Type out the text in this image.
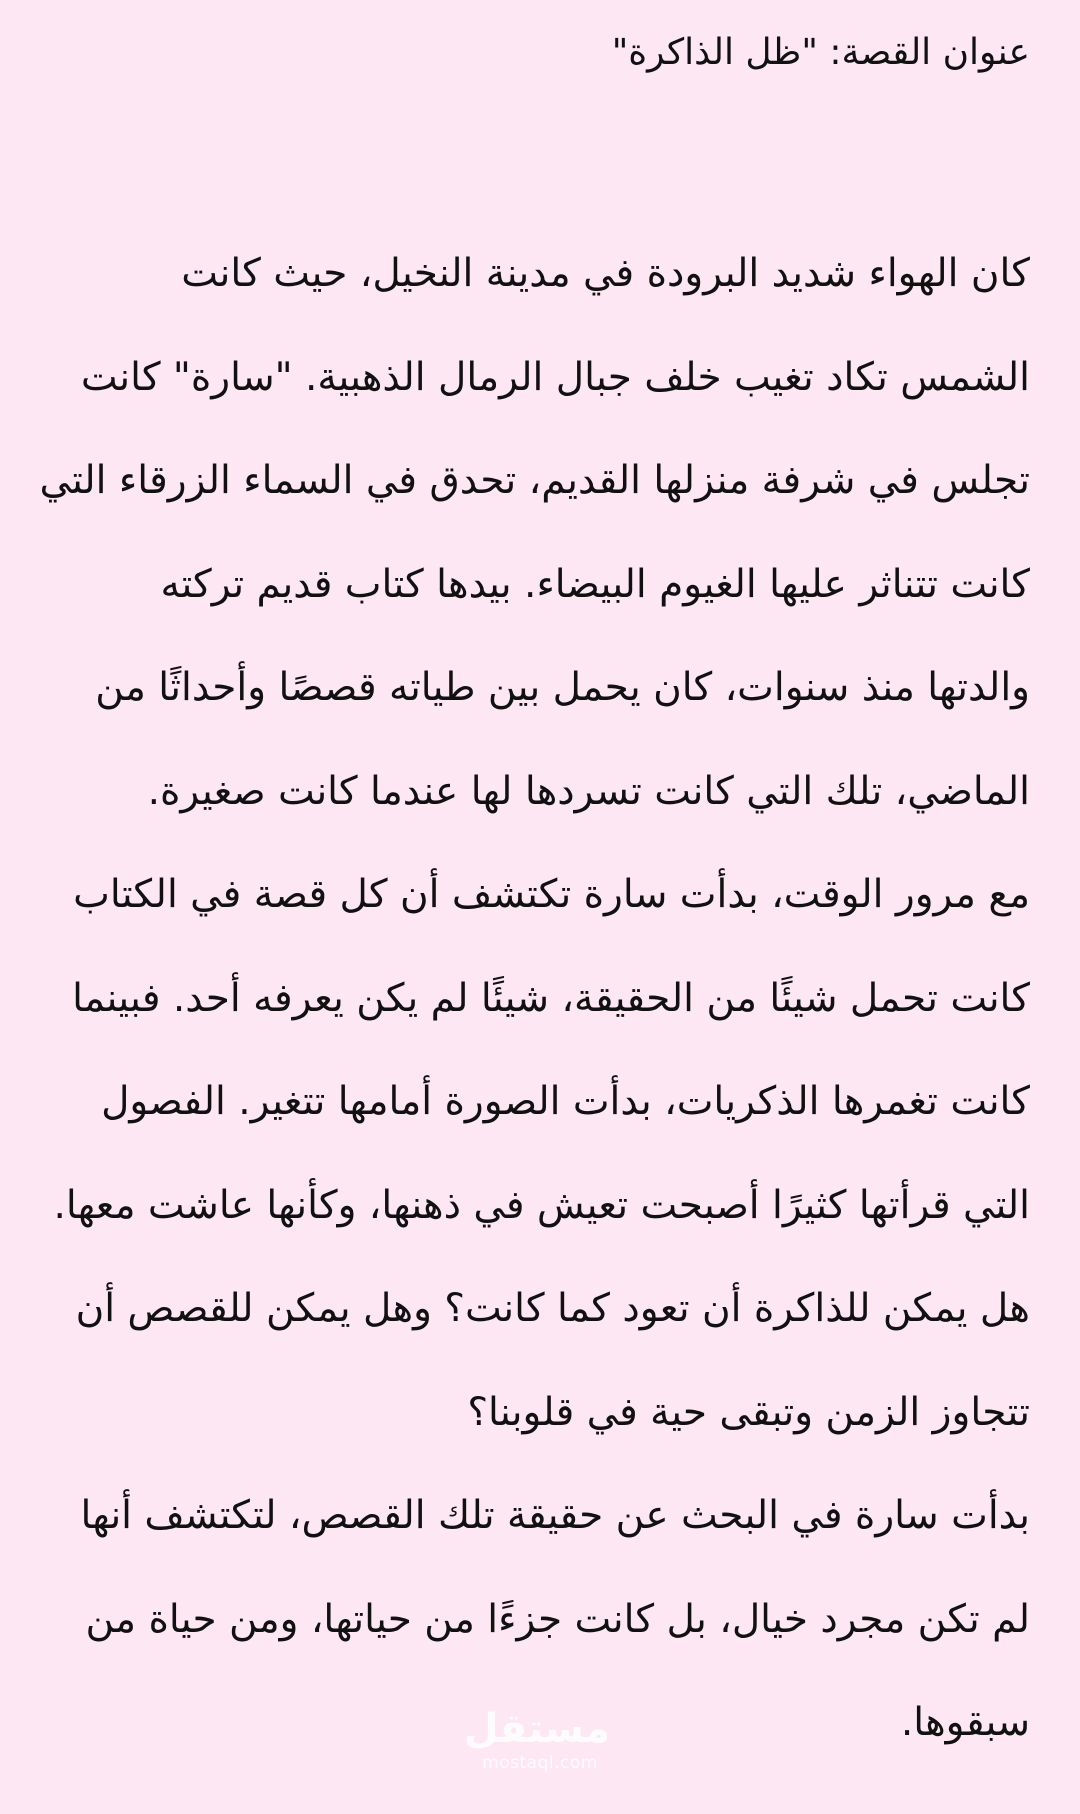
عنوان القصة: "ظل الذاكرة"

كان الهواء شديد البرودة في مدينة النخيل، حيث كانت
الشمس تكاد تغيب خلف جبال الرمال الذهبية. "سارة" كانت
تجلس في شرفة منزلها القديم، تحدق في السماء الزرقاء التي
كانت تتناثر عليها الغيوم البيضاء. بيدها كتاب قديم تركته
والدتها منذ سنوات، كان يحمل بين طياته قصصًا وأحداثًا من
الماضي، تلك التي كانت تسردها لها عندما كانت صغيرة.

مع مرور الوقت، بدأت سارة تكتشف أن كل قصة في الكتاب
كانت تحمل شيئًا من الحقيقة، شيئًا لم يكن يعرفه أحد. فبينما
كانت تغمرها الذكريات، بدأت الصورة أمامها تتغير. الفصول
التي قرأتها كثيرًا أصبحت تعيش في ذهنها، وكأنها عاشت معها.

هل يمكن للذاكرة أن تعود كما كانت؟ وهل يمكن للقصص أن
تتجاوز الزمن وتبقى حية في قلوبنا؟

بدأت سارة في البحث عن حقيقة تلك القصص، لتكتشف أنها
لم تكن مجرد خيال، بل كانت جزءًا من حياتها، ومن حياة من
سبقوها.

مستقل
mostaql.com
